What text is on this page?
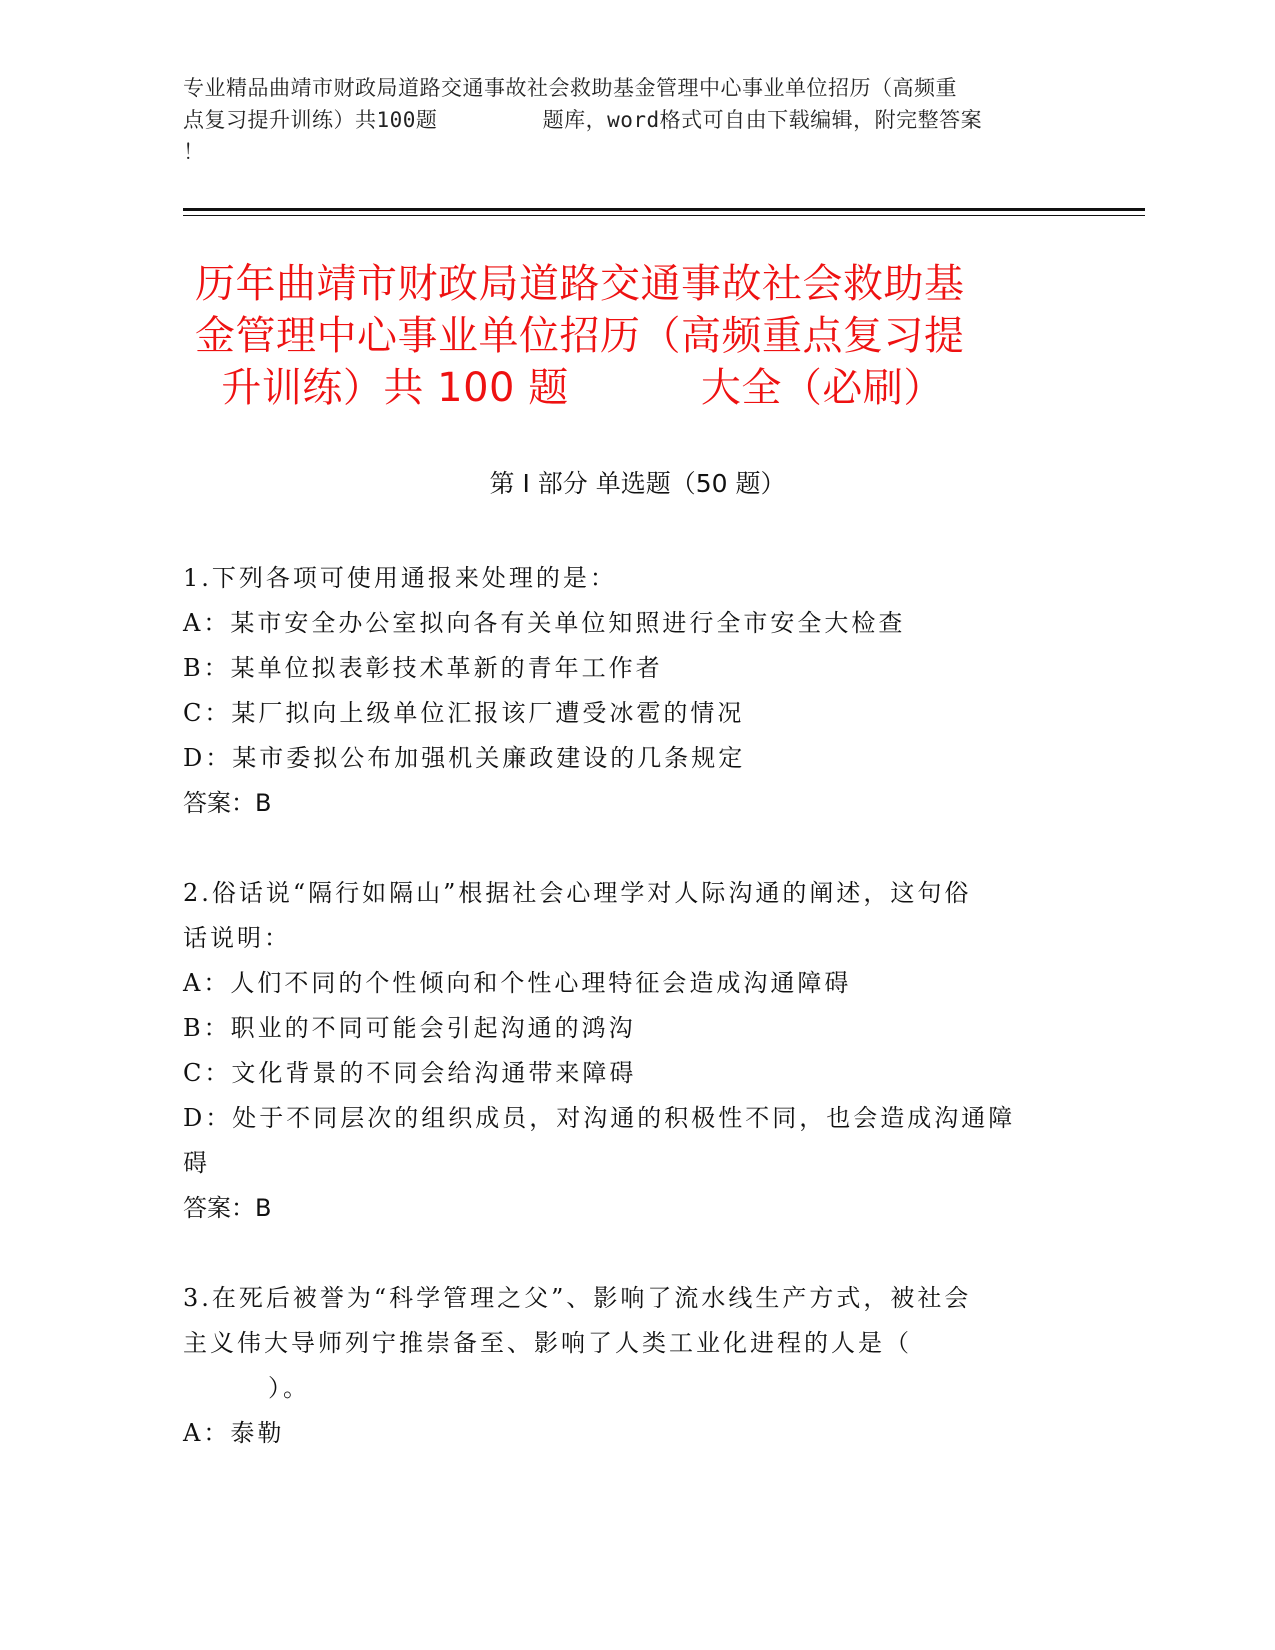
专业精品曲靖市财政局道路交通事故社会救助基金管理中心事业单位招历（高频重
点复习提升训练）共100题        题库，word格式可自由下载编辑，附完整答案
！
历年曲靖市财政局道路交通事故社会救助基
金管理中心事业单位招历（高频重点复习提
升训练）共 100 题          大全（必刷）
第 I 部分 单选题（50 题）
1.下列各项可使用通报来处理的是：
A：某市安全办公室拟向各有关单位知照进行全市安全大检查
B：某单位拟表彰技术革新的青年工作者
C：某厂拟向上级单位汇报该厂遭受冰雹的情况
D：某市委拟公布加强机关廉政建设的几条规定
答案：B
2.俗话说“隔行如隔山”根据社会心理学对人际沟通的阐述，这句俗
话说明：
A：人们不同的个性倾向和个性心理特征会造成沟通障碍
B：职业的不同可能会引起沟通的鸿沟
C：文化背景的不同会给沟通带来障碍
D：处于不同层次的组织成员，对沟通的积极性不同，也会造成沟通障
碍
答案：B
3.在死后被誉为“科学管理之父”、影响了流水线生产方式，被社会
主义伟大导师列宁推崇备至、影响了人类工业化进程的人是（
）。
A：泰勒
